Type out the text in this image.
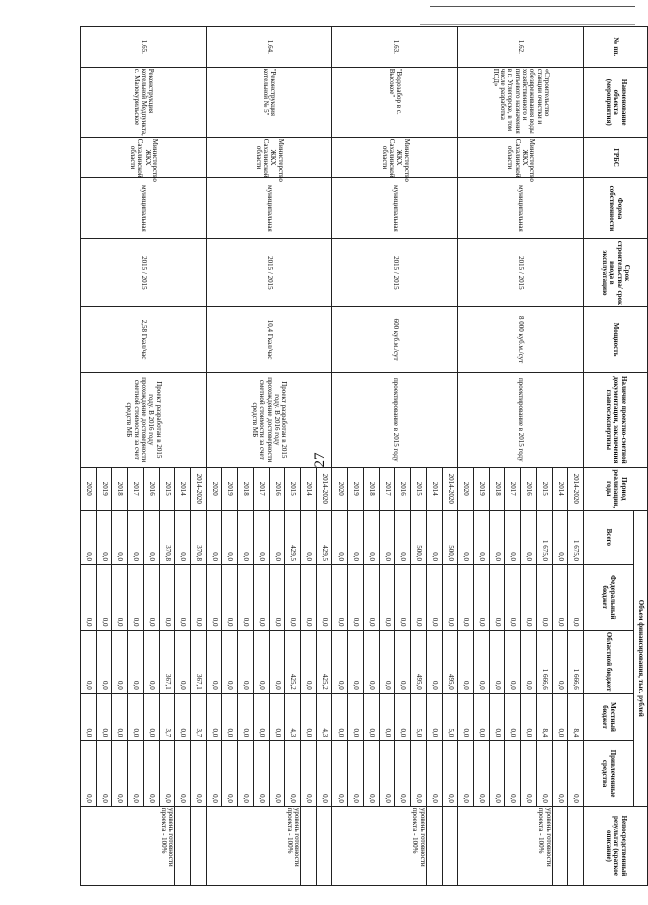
27
№ пп.	Наименование объекта (мероприятия)	ГРБС	Форма собственности	Срок строительства/ срок ввода в эксплуатацию	Мощность	Наличие проектно-сметной документации, заключения главгосэкспертизы	Период реализации, годы	Объем финансирования, тыс. рублей					Непосредственный результат (краткое описание)
								Всего	Федеральный бюджет	Областной бюджет	Местный бюджет	Привлеченные средства	
1.62.	«Строительство станции очистки и обезвреживания воды хозяйственного и питьевого назначения в г. Углегорске, в том числе разработка ПСД»	Министерство ЖКХ Сахалинской области	муниципальная	2015 / 2015	8 000 куб.м./сут	проектирование в 2015 году	2014-2020	1 675,0	0,0	1 666,6	8,4	0,0	
							2014	0,0	0,0	0,0	0,0	0,0	
							2015	1 675,0	0,0	1 666,6	8,4	0,0	уровень готовности проекта - 100%
							2016	0,0	0,0	0,0	0,0	0,0	
							2017	0,0	0,0	0,0	0,0	0,0	
							2018	0,0	0,0	0,0	0,0	0,0	
							2019	0,0	0,0	0,0	0,0	0,0	
							2020	0,0	0,0	0,0	0,0	0,0	
1.63.	"Водозабор в с. Высокое"	Министерство ЖКХ Сахалинской области	муниципальная	2015 / 2015	600 куб.м./сут	проектирование в 2015 году	2014-2020	500,0	0,0	495,0	5,0	0,0	
							2014	0,0	0,0	0,0	0,0	0,0	
							2015	500,0	0,0	495,0	5,0	0,0	уровень готовности проекта - 100%
							2016	0,0	0,0	0,0	0,0	0,0	
							2017	0,0	0,0	0,0	0,0	0,0	
							2018	0,0	0,0	0,0	0,0	0,0	
							2019	0,0	0,0	0,0	0,0	0,0	
							2020	0,0	0,0	0,0	0,0	0,0	
1.64.	"Реконструкция котельной № 5"	Министерство ЖКХ Сахалинской области	муниципальная	2015 / 2015	10,4 Гкал/час	Проект разработан в 2015 году. В 2016 году прохождение достоверности сметной стоимости за счет средств МБ	2014-2020	429,5	0,0	425,2	4,3	0,0	
							2014	0,0	0,0	0,0	0,0	0,0	
							2015	429,5	0,0	425,2	4,3	0,0	уровень готовности проекта - 100%
							2016	0,0	0,0	0,0	0,0	0,0	
							2017	0,0	0,0	0,0	0,0	0,0	
							2018	0,0	0,0	0,0	0,0	0,0	
							2019	0,0	0,0	0,0	0,0	0,0	
							2020	0,0	0,0	0,0	0,0	0,0	
1.65.	Реконструкция котельной Медпункта, с. Малокурильское	Министерство ЖКХ Сахалинской области	муниципальная	2015 / 2015	2,58 Гкал/час	Проект разработан в 2015 году. В 2016 году прохождение достоверности сметной стоимости за счет средств МБ	2014-2020	370,8	0,0	367,1	3,7	0,0	
							2014	0,0	0,0	0,0	0,0	0,0	
							2015	370,8	0,0	367,1	3,7	0,0	уровень готовности проекта - 100%
							2016	0,0	0,0	0,0	0,0	0,0	
							2017	0,0	0,0	0,0	0,0	0,0	
							2018	0,0	0,0	0,0	0,0	0,0	
							2019	0,0	0,0	0,0	0,0	0,0	
							2020	0,0	0,0	0,0	0,0	0,0	
